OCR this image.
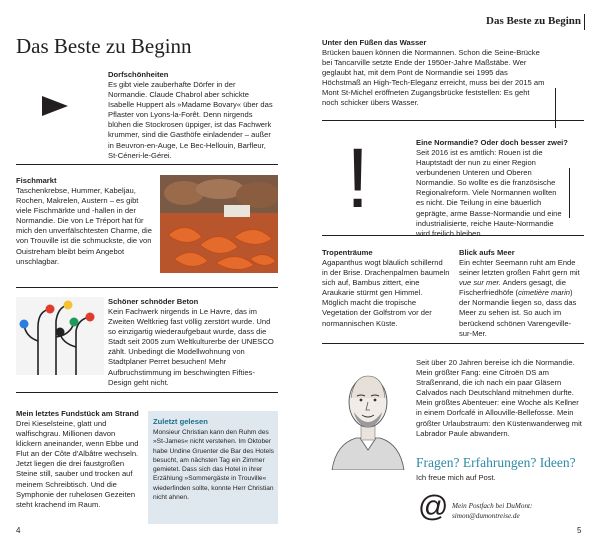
Das Beste zu Beginn
Dorfschönheiten
Es gibt viele zauberhafte Dörfer in der Normandie. Claude Chabrol aber schickte Isabelle Huppert als »Madame Bovary« über das Pflaster von Lyons-la-Forêt. Denn nirgends blühen die Stockrosen üppiger, ist das Fachwerk krummer, sind die Gasthöfe einladender – außer in Beuvron-en-Auge, Le Bec-Hellouin, Barfleur, St-Céneri-le-Gérei.
Fischmarkt
Taschenkrebse, Hummer, Kabeljau, Rochen, Makrelen, Austern – es gibt viele Fischmärkte und -hallen in der Normandie. Die von Le Tréport hat für mich den unverfälschtesten Charme, die von Trouville ist die schmuckste, die von Ouistreham bleibt beim Angebot unschlagbar.
Schöner schnöder Beton
Kein Fachwerk nirgends in Le Havre, das im Zweiten Weltkrieg fast völlig zerstört wurde. Und so einzigartig wiederaufgebaut wurde, dass die Stadt seit 2005 zum Weltkulturerbe der UNESCO zählt. Unbedingt die Modellwohnung von Stadtplaner Perret besuchen! Mehr Aufbruchstimmung im beschwingten Fifties-Design geht nicht.
Mein letztes Fundstück am Strand
Drei Kieselsteine, glatt und walfischgrau. Millionen davon klickern aneinander, wenn Ebbe und Flut an der Côte d'Albâtre wechseln. Jetzt liegen die drei faustgroßen Steine still, sauber und trocken auf meinem Schreibtisch. Und die Symphonie der ruhelosen Gezeiten steht krachend im Raum.
Zuletzt gelesen
Monsieur Christian kann den Ruhm des »St-James« nicht verstehen. Im Oktober habe Undine Gruenter die Bar des Hotels besucht, am nächsten Tag ein Zimmer gemietet. Dass sich das Hotel in ihrer Erzählung »Sommergäste in Trouville« wiederfinden sollte, konnte Herr Christian nicht ahnen.
4
Das Beste zu Beginn
Unter den Füßen das Wasser
Brücken bauen können die Normannen. Schon die Seine-Brücke bei Tancarville setzte Ende der 1950er-Jahre Maßstäbe. Wer geglaubt hat, mit dem Pont de Normandie sei 1995 das Höchstmaß an High-Tech-Eleganz erreicht, muss bei der 2015 am Mont St-Michel eröffneten Zugangsbrücke feststellen: Es geht noch schicker übers Wasser.
!	Eine Normandie? Oder doch besser zwei?
Seit 2016 ist es amtlich: Rouen ist die Hauptstadt der nun zu einer Region verbundenen Unteren und Oberen Normandie. So wollte es die französische Regionalreform. Viele Normannen wollten es nicht. Die Teilung in eine bäuerlich geprägte, arme Basse-Normandie und eine industrialisierte, reiche Haute-Normandie wird freilich bleiben.
Tropenträume
Agapanthus wogt bläulich schillernd in der Brise. Drachenpalmen baumeln sich auf, Bambus zittert, eine Araukarie stürmt gen Himmel. Möglich macht die tropische Vegetation der Golfstrom vor der normannischen Küste.
Blick aufs Meer
Ein echter Seemann ruht am Ende seiner letzten großen Fahrt gern mit vue sur mer. Anders gesagt, die Fischerfriedhöfe (cimetière marin) der Normandie liegen so, dass das Meer zu sehen ist. So auch im berückend schönen Varengeville-sur-Mer.
Seit über 20 Jahren bereise ich die Normandie. Mein größter Fang: eine Citroën DS am Straßenrand, die ich nach ein paar Gläsern Calvados nach Deutschland mitnehmen durfte. Mein größtes Abenteuer: eine Woche als Kellner in einem Dorfcafé in Allouville-Bellefosse. Mein größter Urlaubstraum: den Küstenwanderweg mit Labrador Paule abwandern.
Fragen? Erfahrungen? Ideen?
Ich freue mich auf Post.
@ Mein Postfach bei DuMont:
simon@dumontreise.de
5
